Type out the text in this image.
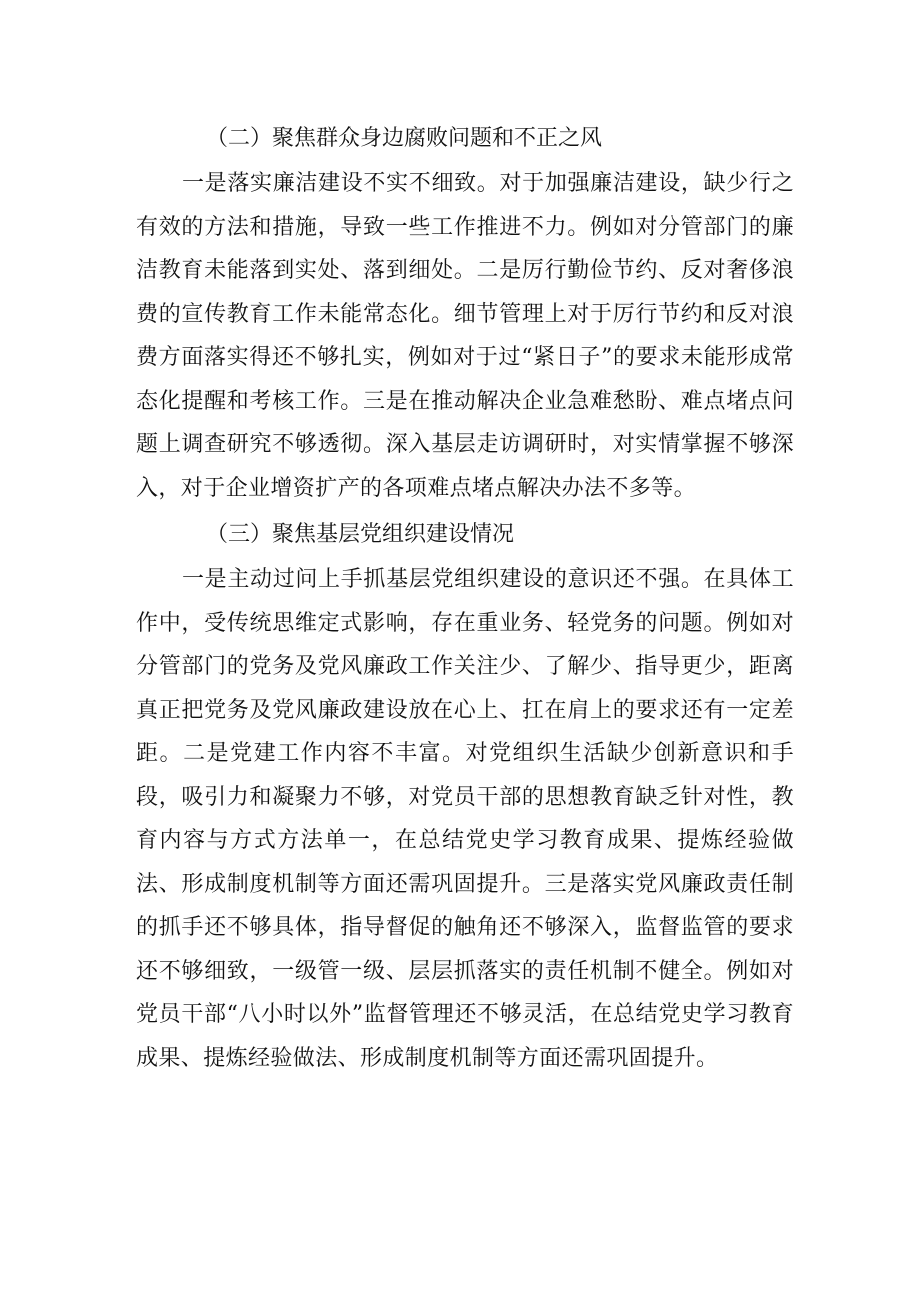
（二）聚焦群众身边腐败问题和不正之风

一是落实廉洁建设不实不细致。对于加强廉洁建设，缺少行之有效的方法和措施，导致一些工作推进不力。例如对分管部门的廉洁教育未能落到实处、落到细处。二是厉行勤俭节约、反对奢侈浪费的宣传教育工作未能常态化。细节管理上对于厉行节约和反对浪费方面落实得还不够扎实，例如对于过“紧日子”的要求未能形成常态化提醒和考核工作。三是在推动解决企业急难愁盼、难点堵点问题上调查研究不够透彻。深入基层走访调研时，对实情掌握不够深入，对于企业增资扩产的各项难点堵点解决办法不多等。

（三）聚焦基层党组织建设情况

一是主动过问上手抓基层党组织建设的意识还不强。在具体工作中，受传统思维定式影响，存在重业务、轻党务的问题。例如对分管部门的党务及党风廉政工作关注少、了解少、指导更少，距离真正把党务及党风廉政建设放在心上、扛在肩上的要求还有一定差距。二是党建工作内容不丰富。对党组织生活缺少创新意识和手段，吸引力和凝聚力不够，对党员干部的思想教育缺乏针对性，教育内容与方式方法单一，在总结党史学习教育成果、提炼经验做法、形成制度机制等方面还需巩固提升。三是落实党风廉政责任制的抓手还不够具体，指导督促的触角还不够深入，监督监管的要求还不够细致，一级管一级、层层抓落实的责任机制不健全。例如对党员干部“八小时以外”监督管理还不够灵活，在总结党史学习教育成果、提炼经验做法、形成制度机制等方面还需巩固提升。
